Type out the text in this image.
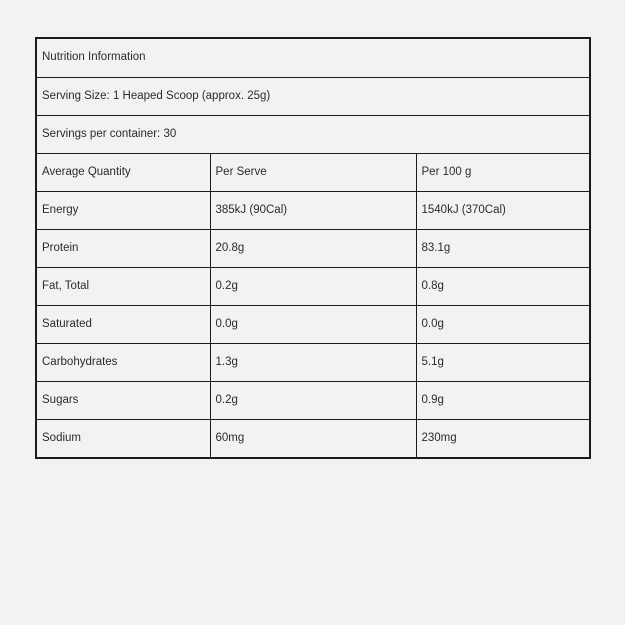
Nutrition Information		
Serving Size: 1 Heaped Scoop (approx. 25g)		
Servings per container: 30		
Average Quantity	Per Serve	Per 100 g
Energy	385kJ (90Cal)	1540kJ (370Cal)
Protein	20.8g	83.1g
Fat, Total	0.2g	0.8g
Saturated	0.0g	0.0g
Carbohydrates	1.3g	5.1g
Sugars	0.2g	0.9g
Sodium	60mg	230mg
